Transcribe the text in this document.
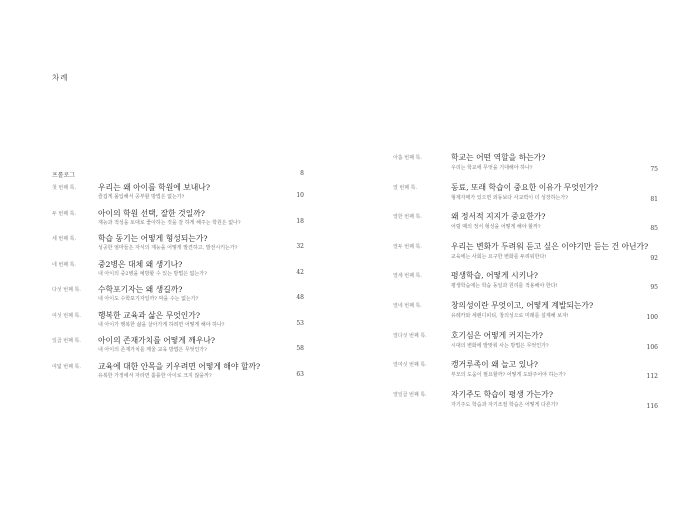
차례
프롤로그	8
첫 번째 톡.	우리는 왜 아이를 학원에 보내나?
즐겁게 몰입해서 공부할 방법은 없는가?	10
두 번째 톡.	아이의 학원 선택, 잘한 것일까?
재능과 적성을 토대로 좋아하는 것을 잘 하게 해주는 학원은 없나?	18
세 번째 톡.	학습 동기는 어떻게 형성되는가?
성공한 엄마들은 자식의 재능을 어떻게 발견하고, 발전시키는가?	32
네 번째 톡.	중2병은 대체 왜 생기나?
내 아이의 중2병을 예방할 수 있는 방법은 없는가?	42
다섯 번째 톡. 수학포기자는 왜 생길까?
내 아이도 수학포기자일까? 막을 수는 없는가?	48
여섯 번째 톡. 행복한 교육과 삶은 무엇인가?
내 아이가 행복한 삶을 살아가게 하려면 어떻게 해야 하나?	53
일곱 번째 톡. 아이의 존재가치를 어떻게 깨우나?
내 아이의 존재가치를 깨울 교육 방법은 무엇인가?	58
여덟 번째 톡. 교육에 대한 안목을 키우려면 어떻게 해야 할까?
유복한 가정에서 자라면 훌륭한 아이로 크지 않을까?	63
아홉 번째 톡.	학교는 어떤 역할을 하는가?
우리는 학교에 무엇을 기대해야 하나?	75
열 번째 톡.	동료, 또래 학습이 중요한 이유가 무엇인가?
형제자매가 있으면 외동보다 사교력이 더 성장하는가?	81
열한 번째 톡.	왜 정서적 지지가 중요한가?
어릴 때의 정서 형성을 어떻게 해야 할까?	85
열두 번째 톡.	우리는 변화가 두려워 듣고 싶은 이야기만 듣는 건 아닌가?
교육에는 사회는 요구한 변화를 두려워한다!	92
열세 번째 톡.	평생학습, 어떻게 시키나?
평생학습에는 학습 동일과 원리를 적용해야 한다!	95
열네 번째 톡.	창의성이란 무엇이고, 어떻게 계발되는가?
유레카와 세렌디피티, 창의성으로 미래를 설계해 보자!	100
열다섯 번째 톡.	호기심은 어떻게 커지는가?
시대의 변화에 발맞춰 사는 방법은 무엇인가?	106
열여섯 번째 톡.	캥거루족이 왜 늘고 있나?
부모의 도움이 필요할까? 어떻게 도와주어야 하는가?	112
열일곱 번째 톡.	자기주도 학습이 평생 가는가?
자기주도 학습과 자기조절 학습은 어떻게 다른가?	116
